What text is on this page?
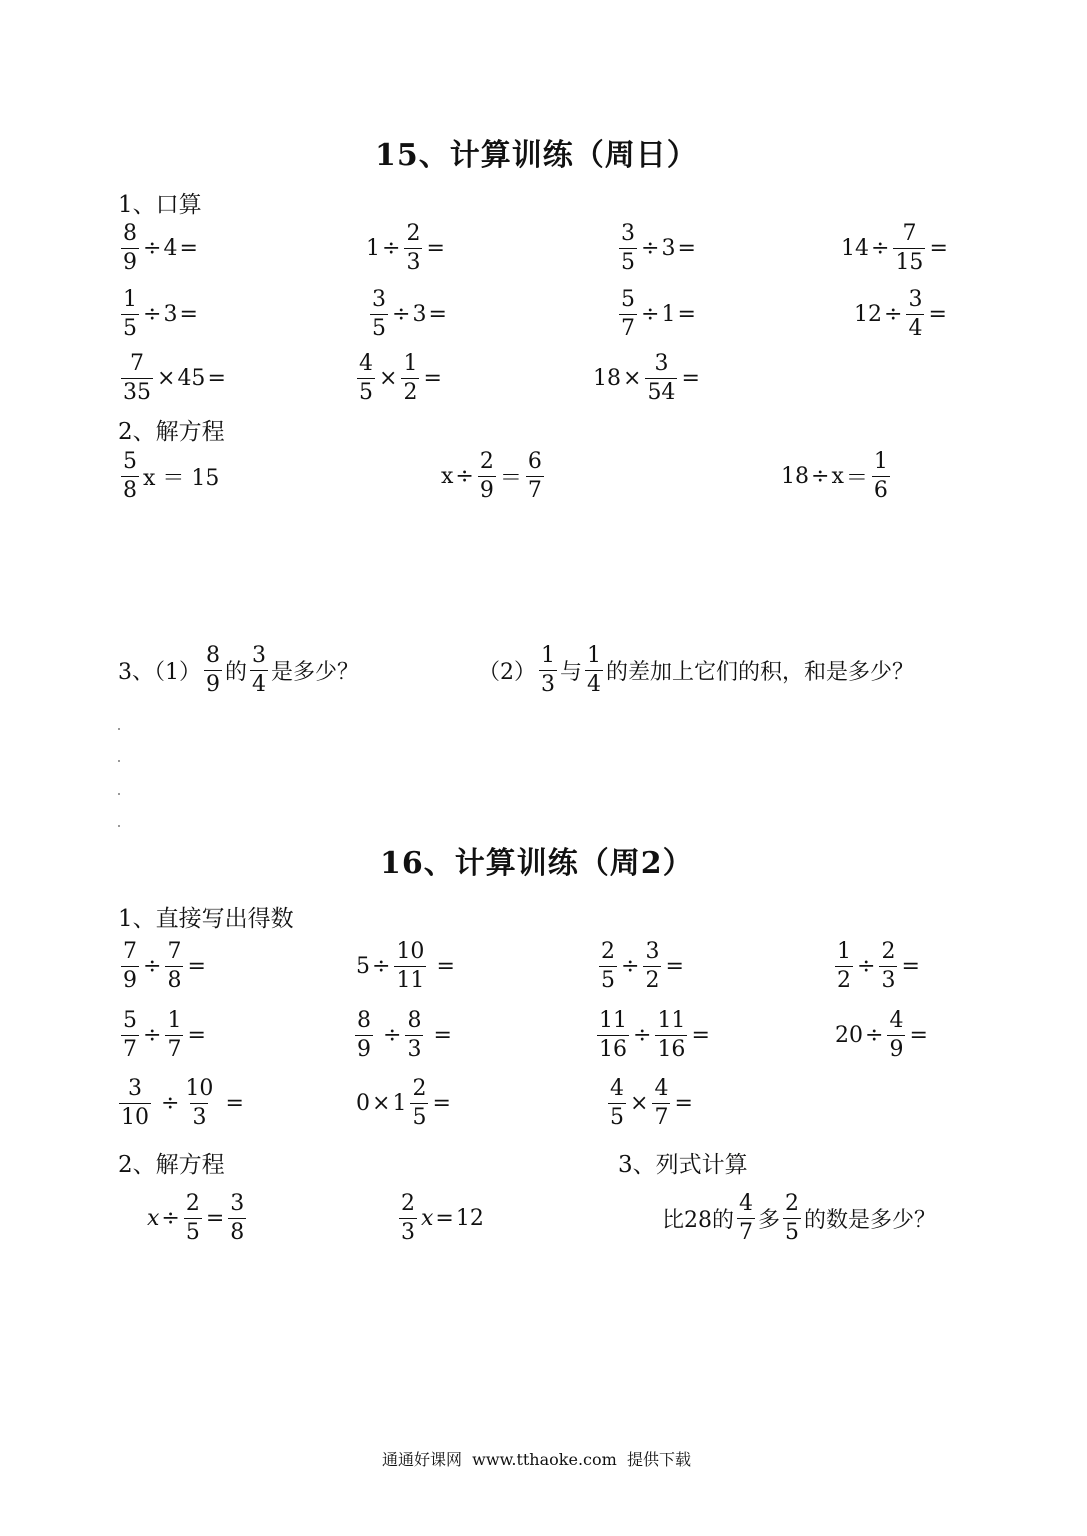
15、计算训练（周日）
1、口算
$\frac{8}{9} \div 4$ =	$1 \div \frac{2}{3}$ =	$\frac{3}{5} \div 3$ =	$14 \div \frac{7}{15}$ =
$\frac{1}{5} \div 3$ =	$\frac{3}{5} \div 3$ =	$\frac{5}{7} \div 1$ =	$12 \div \frac{3}{4}$ =
$\frac{7}{35} \times 45$ =	$\frac{4}{5} \times \frac{1}{2}$ =	$18 \times \frac{3}{54}$ =
2、解方程
$\frac{5}{8}$ x ＝ 15	$x \div \frac{2}{9} = \frac{6}{7}$	$18 \div x = \frac{1}{6}$
3、$(1) \frac{8}{9}$ 的 $\frac{3}{4}$ 是多少？	$(2) \frac{1}{3}$ 与 $\frac{1}{4}$ 的差加上它们的积，和是多少？
16、计算训练（周2）
1、直接写出得数
$\frac{7}{9} \div \frac{7}{8}$ =	$5 \div \frac{10}{11}$ =	$\frac{2}{5} \div \frac{3}{2}$ =	$\frac{1}{2} \div \frac{2}{3}$ =
$\frac{5}{7} \div \frac{1}{7}$ =	$\frac{8}{9} \div \frac{8}{3}$ =	$\frac{11}{16} \div \frac{11}{16}$ =	$20 \div \frac{4}{9}$ =
$\frac{3}{10} \div \frac{10}{3}$ =	$0 \times 1 \frac{2}{5}$ =	$\frac{4}{5} \times \frac{4}{7}$ =
2、解方程	3、列式计算
$x \div \frac{2}{5} = \frac{3}{8}$	$\frac{2}{3}$ x = 12	比28的 $\frac{4}{7}$ 多 $\frac{2}{5}$ 的数是多少？
通通好课网  www.tthaoke.com  提供下载
